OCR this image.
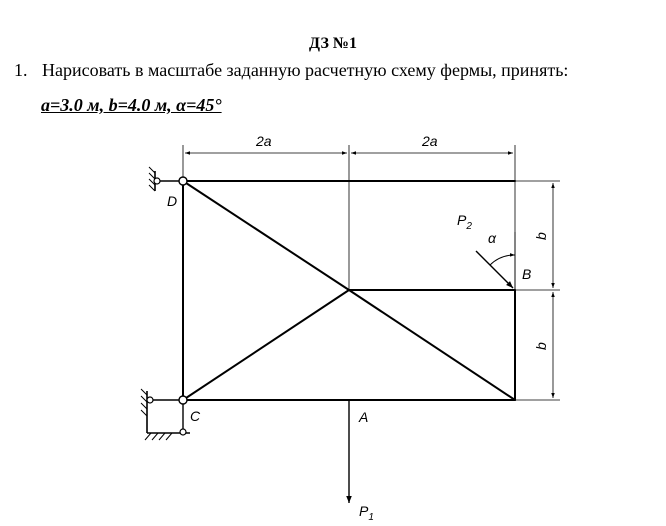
ДЗ №1
1. Нарисовать в масштабе заданную расчетную схему фермы, принять:
a=3.0 м, b=4.0 м, α=45°
2a	2a
b
b
D
C	A
B
α
$P_2$
$P_1$
